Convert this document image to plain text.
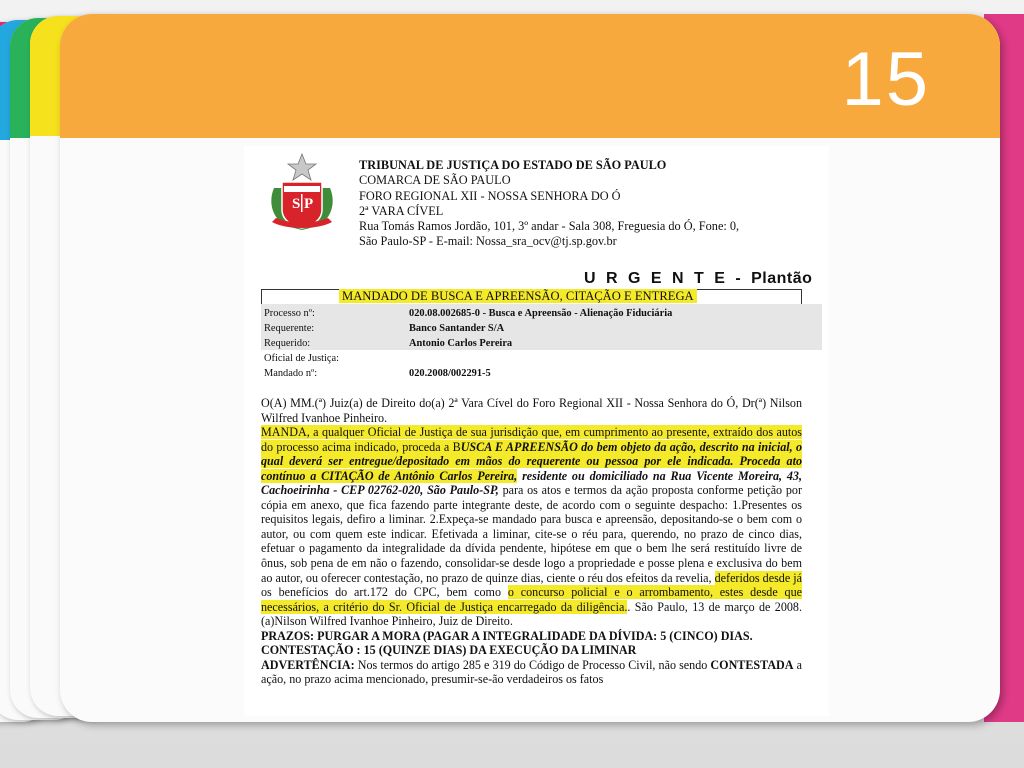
15
S P
TRIBUNAL DE JUSTIÇA DO ESTADO DE SÃO PAULO
COMARCA DE SÃO PAULO
FORO REGIONAL XII - NOSSA SENHORA DO Ó
2ª VARA CÍVEL
Rua Tomás Ramos Jordão, 101, 3º andar - Sala 308, Freguesia do Ó, Fone: 0,
São Paulo-SP - E-mail: Nossa_sra_ocv@tj.sp.gov.br
U R G E N T E - Plantão
MANDADO DE BUSCA E APREENSÃO, CITAÇÃO E ENTREGA
Processo nº:	020.08.002685-0 - Busca e Apreensão - Alienação Fiduciária
Requerente:	Banco Santander S/A
Requerido:	Antonio Carlos Pereira
Oficial de Justiça:
Mandado nº:	020.2008/002291-5

O(A) MM.(ª) Juiz(a) de Direito do(a) 2ª Vara Cível do Foro Regional XII - Nossa Senhora do Ó, Dr(ª) Nilson Wilfred Ivanhoe Pinheiro.

MANDA, a qualquer Oficial de Justiça de sua jurisdição que, em cumprimento ao presente, extraído dos autos do processo acima indicado, proceda a BUSCA E APREENSÃO do bem objeto da ação, descrito na inicial, o qual deverá ser entregue/depositado em mãos do requerente ou pessoa por ele indicada. Proceda ato contínuo a CITAÇÃO de Antônio Carlos Pereira, residente ou domiciliado na Rua Vicente Moreira, 43, Cachoeirinha - CEP 02762-020, São Paulo-SP, para os atos e termos da ação proposta conforme petição por cópia em anexo, que fica fazendo parte integrante deste, de acordo com o seguinte despacho: 1.Presentes os requisitos legais, defiro a liminar. 2.Expeça-se mandado para busca e apreensão, depositando-se o bem com o autor, ou com quem este indicar. Efetivada a liminar, cite-se o réu para, querendo, no prazo de cinco dias, efetuar o pagamento da integralidade da dívida pendente, hipótese em que o bem lhe será restituído livre de ônus, sob pena de em não o fazendo, consolidar-se desde logo a propriedade e posse plena e exclusiva do bem ao autor, ou oferecer contestação, no prazo de quinze dias, ciente o réu dos efeitos da revelia, deferidos desde já os benefícios do art.172 do CPC, bem como o concurso policial e o arrombamento, estes desde que necessários, a critério do Sr. Oficial de Justiça encarregado da diligência.. São Paulo, 13 de março de 2008. (a)Nilson Wilfred Ivanhoe Pinheiro, Juiz de Direito.

PRAZOS: PURGAR A MORA (PAGAR A INTEGRALIDADE DA DÍVIDA: 5 (CINCO) DIAS.

CONTESTAÇÃO : 15 (QUINZE DIAS) DA EXECUÇÃO DA LIMINAR

ADVERTÊNCIA: Nos termos do artigo 285 e 319 do Código de Processo Civil, não sendo CONTESTADA a ação, no prazo acima mencionado, presumir-se-ão verdadeiros os fatos
